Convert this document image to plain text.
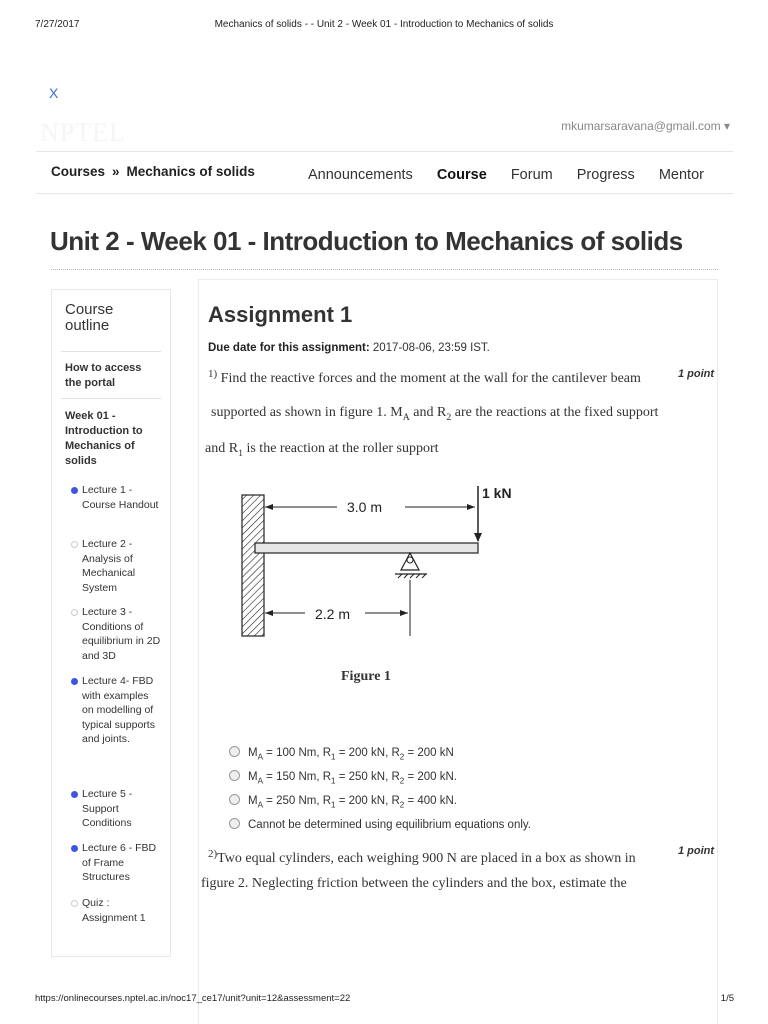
7/27/2017	Mechanics of solids - - Unit 2 - Week 01 - Introduction to Mechanics of solids
X
NPTEL	mkumarsaravana@gmail.com ▾
Courses » Mechanics of solids	Announcements Course Forum Progress Mentor
Unit 2 - Week 01 - Introduction to Mechanics of solids
Course outline
How to access the portal
Week 01 - Introduction to Mechanics of solids
Lecture 1 - Course Handout
Lecture 2 - Analysis of Mechanical System
Lecture 3 - Conditions of equilibrium in 2D and 3D
Lecture 4- FBD with examples on modelling of typical supports and joints.
Lecture 5 - Support Conditions
Lecture 6 - FBD of Frame Structures
Quiz : Assignment 1
Assignment 1
Due date for this assignment: 2017-08-06, 23:59 IST.
$^{1)}$ Find the reactive forces and the moment at the wall for the cantilever beam	1 point
supported as shown in figure 1. $M_A$ and $R_2$ are the reactions at the fixed support
and $R_1$ is the reaction at the roller support
3.0 m
1 kN
2.2 m
Figure 1
$M_A = 100$ Nm, $R_1 = 200$ kN, $R_2 = 200$ kN
$M_A = 150$ Nm, $R_1 = 250$ kN, $R_2 = 200$ kN.
$M_A = 250$ Nm, $R_1 = 200$ kN, $R_2 = 400$ kN.
Cannot be determined using equilibrium equations only.
$^{2)}$Two equal cylinders, each weighing 900 N are placed in a box as shown in	1 point
figure 2. Neglecting friction between the cylinders and the box, estimate the
https://onlinecourses.nptel.ac.in/noc17_ce17/unit?unit=12&assessment=22	1/5
